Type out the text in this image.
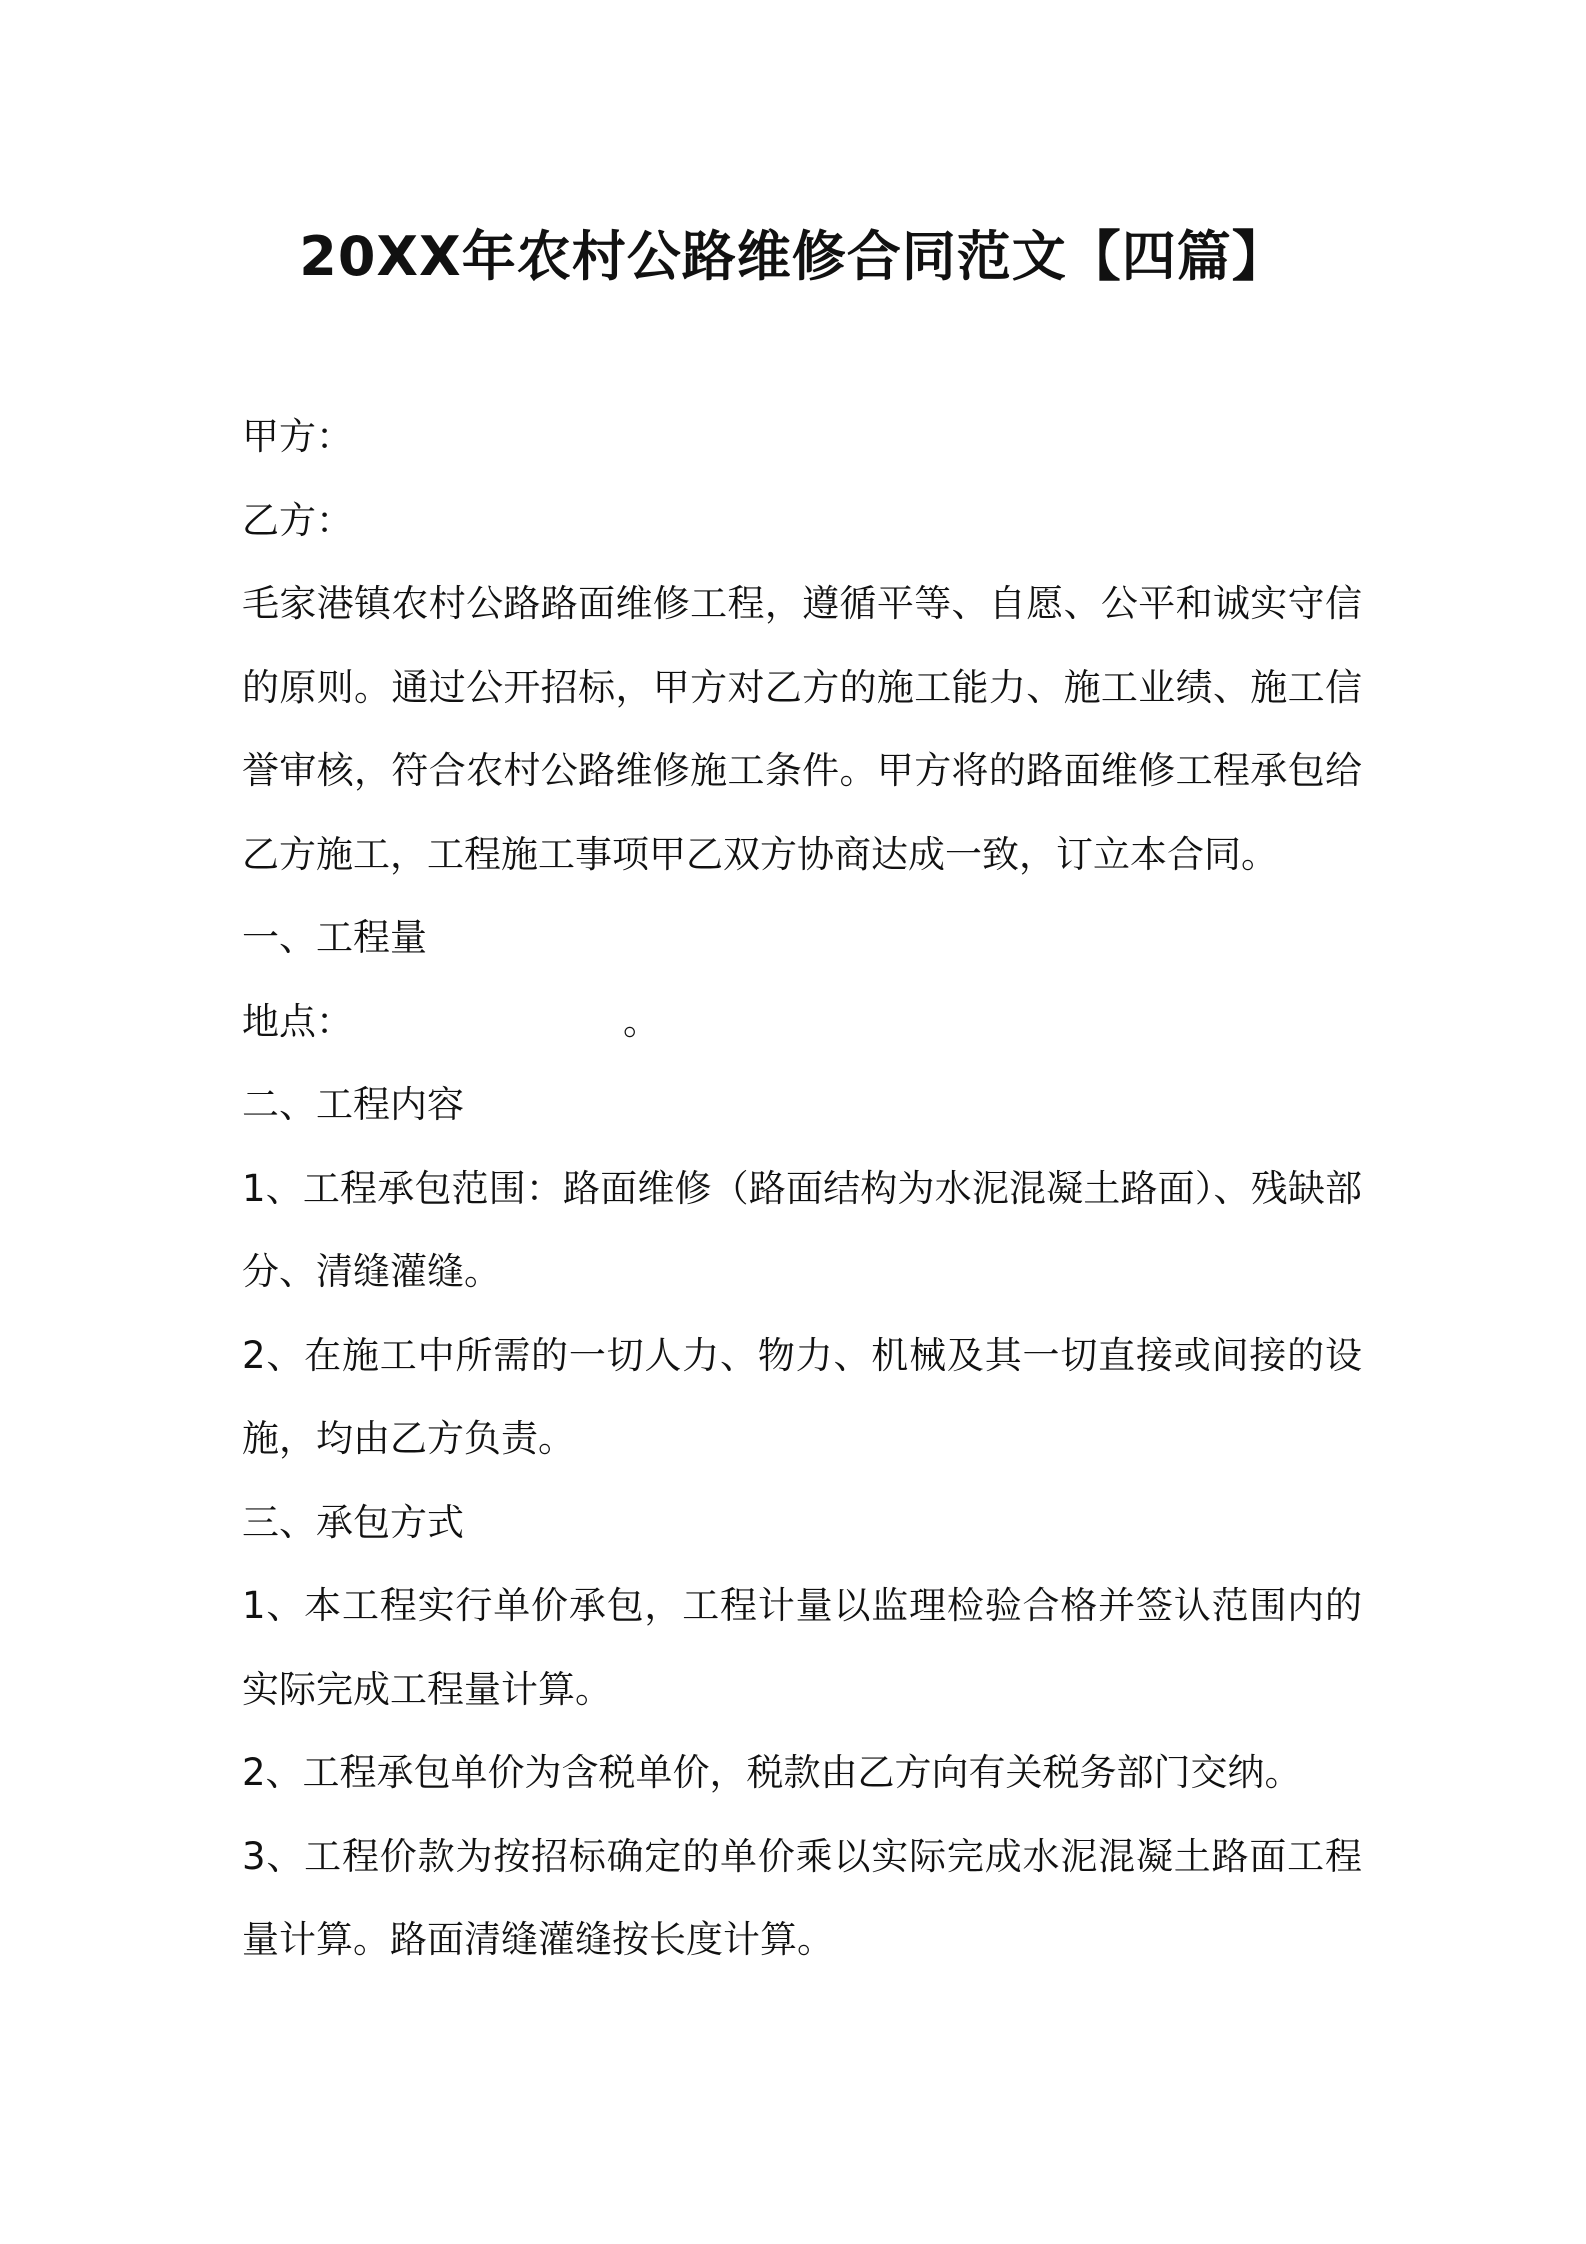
20XX年农村公路维修合同范文【四篇】

甲方：

乙方：

毛家港镇农村公路路面维修工程，遵循平等、自愿、公平和诚实守信的原则。通过公开招标，甲方对乙方的施工能力、施工业绩、施工信誉审核，符合农村公路维修施工条件。甲方将的路面维修工程承包给乙方施工，工程施工事项甲乙双方协商达成一致，订立本合同。

一、工程量

地点：	。

二、工程内容

1、工程承包范围：路面维修（路面结构为水泥混凝土路面）、残缺部分、清缝灌缝。

2、在施工中所需的一切人力、物力、机械及其一切直接或间接的设施，均由乙方负责。

三、承包方式

1、本工程实行单价承包，工程计量以监理检验合格并签认范围内的实际完成工程量计算。

2、工程承包单价为含税单价，税款由乙方向有关税务部门交纳。

3、工程价款为按招标确定的单价乘以实际完成水泥混凝土路面工程量计算。路面清缝灌缝按长度计算。
